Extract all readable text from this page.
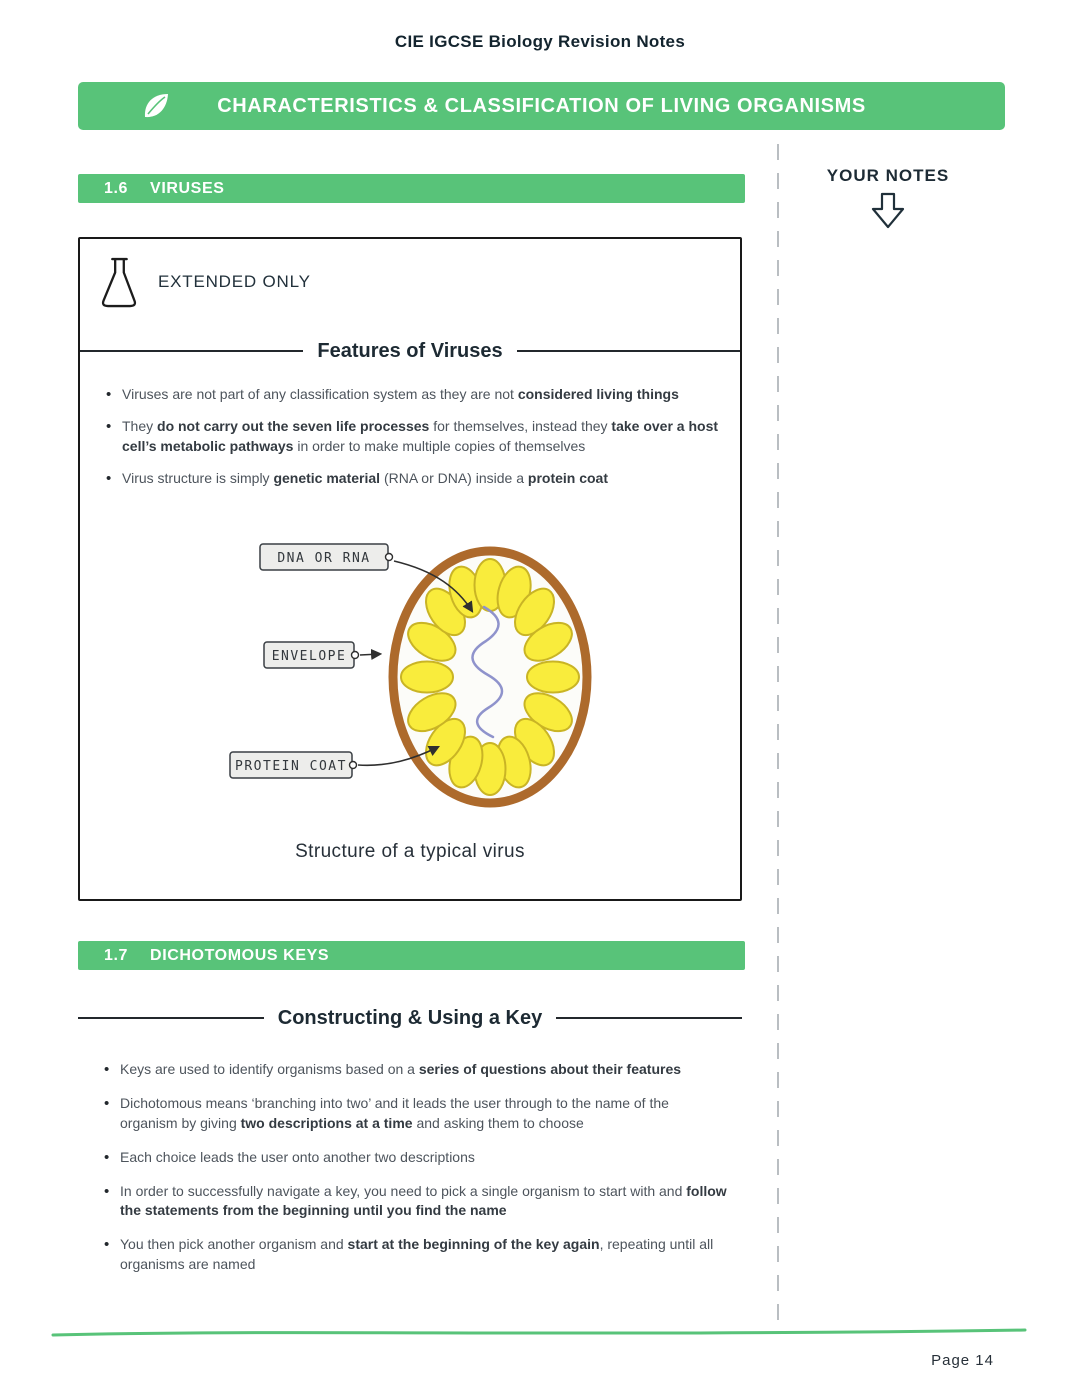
CIE IGCSE Biology Revision Notes
CHARACTERISTICS & CLASSIFICATION OF LIVING ORGANISMS
YOUR NOTES
1.6 VIRUSES
EXTENDED ONLY
Features of Viruses
• Viruses are not part of any classification system as they are not considered living things
• They do not carry out the seven life processes for themselves, instead they take over a host cell’s metabolic pathways in order to make multiple copies of themselves
• Virus structure is simply genetic material (RNA or DNA) inside a protein coat
DNA OR RNA
ENVELOPE
PROTEIN COAT
Structure of a typical virus
1.7 DICHOTOMOUS KEYS
Constructing & Using a Key
• Keys are used to identify organisms based on a series of questions about their features
• Dichotomous means ‘branching into two’ and it leads the user through to the name of the organism by giving two descriptions at a time and asking them to choose
• Each choice leads the user onto another two descriptions
• In order to successfully navigate a key, you need to pick a single organism to start with and follow the statements from the beginning until you find the name
• You then pick another organism and start at the beginning of the key again, repeating until all organisms are named
Page 14
